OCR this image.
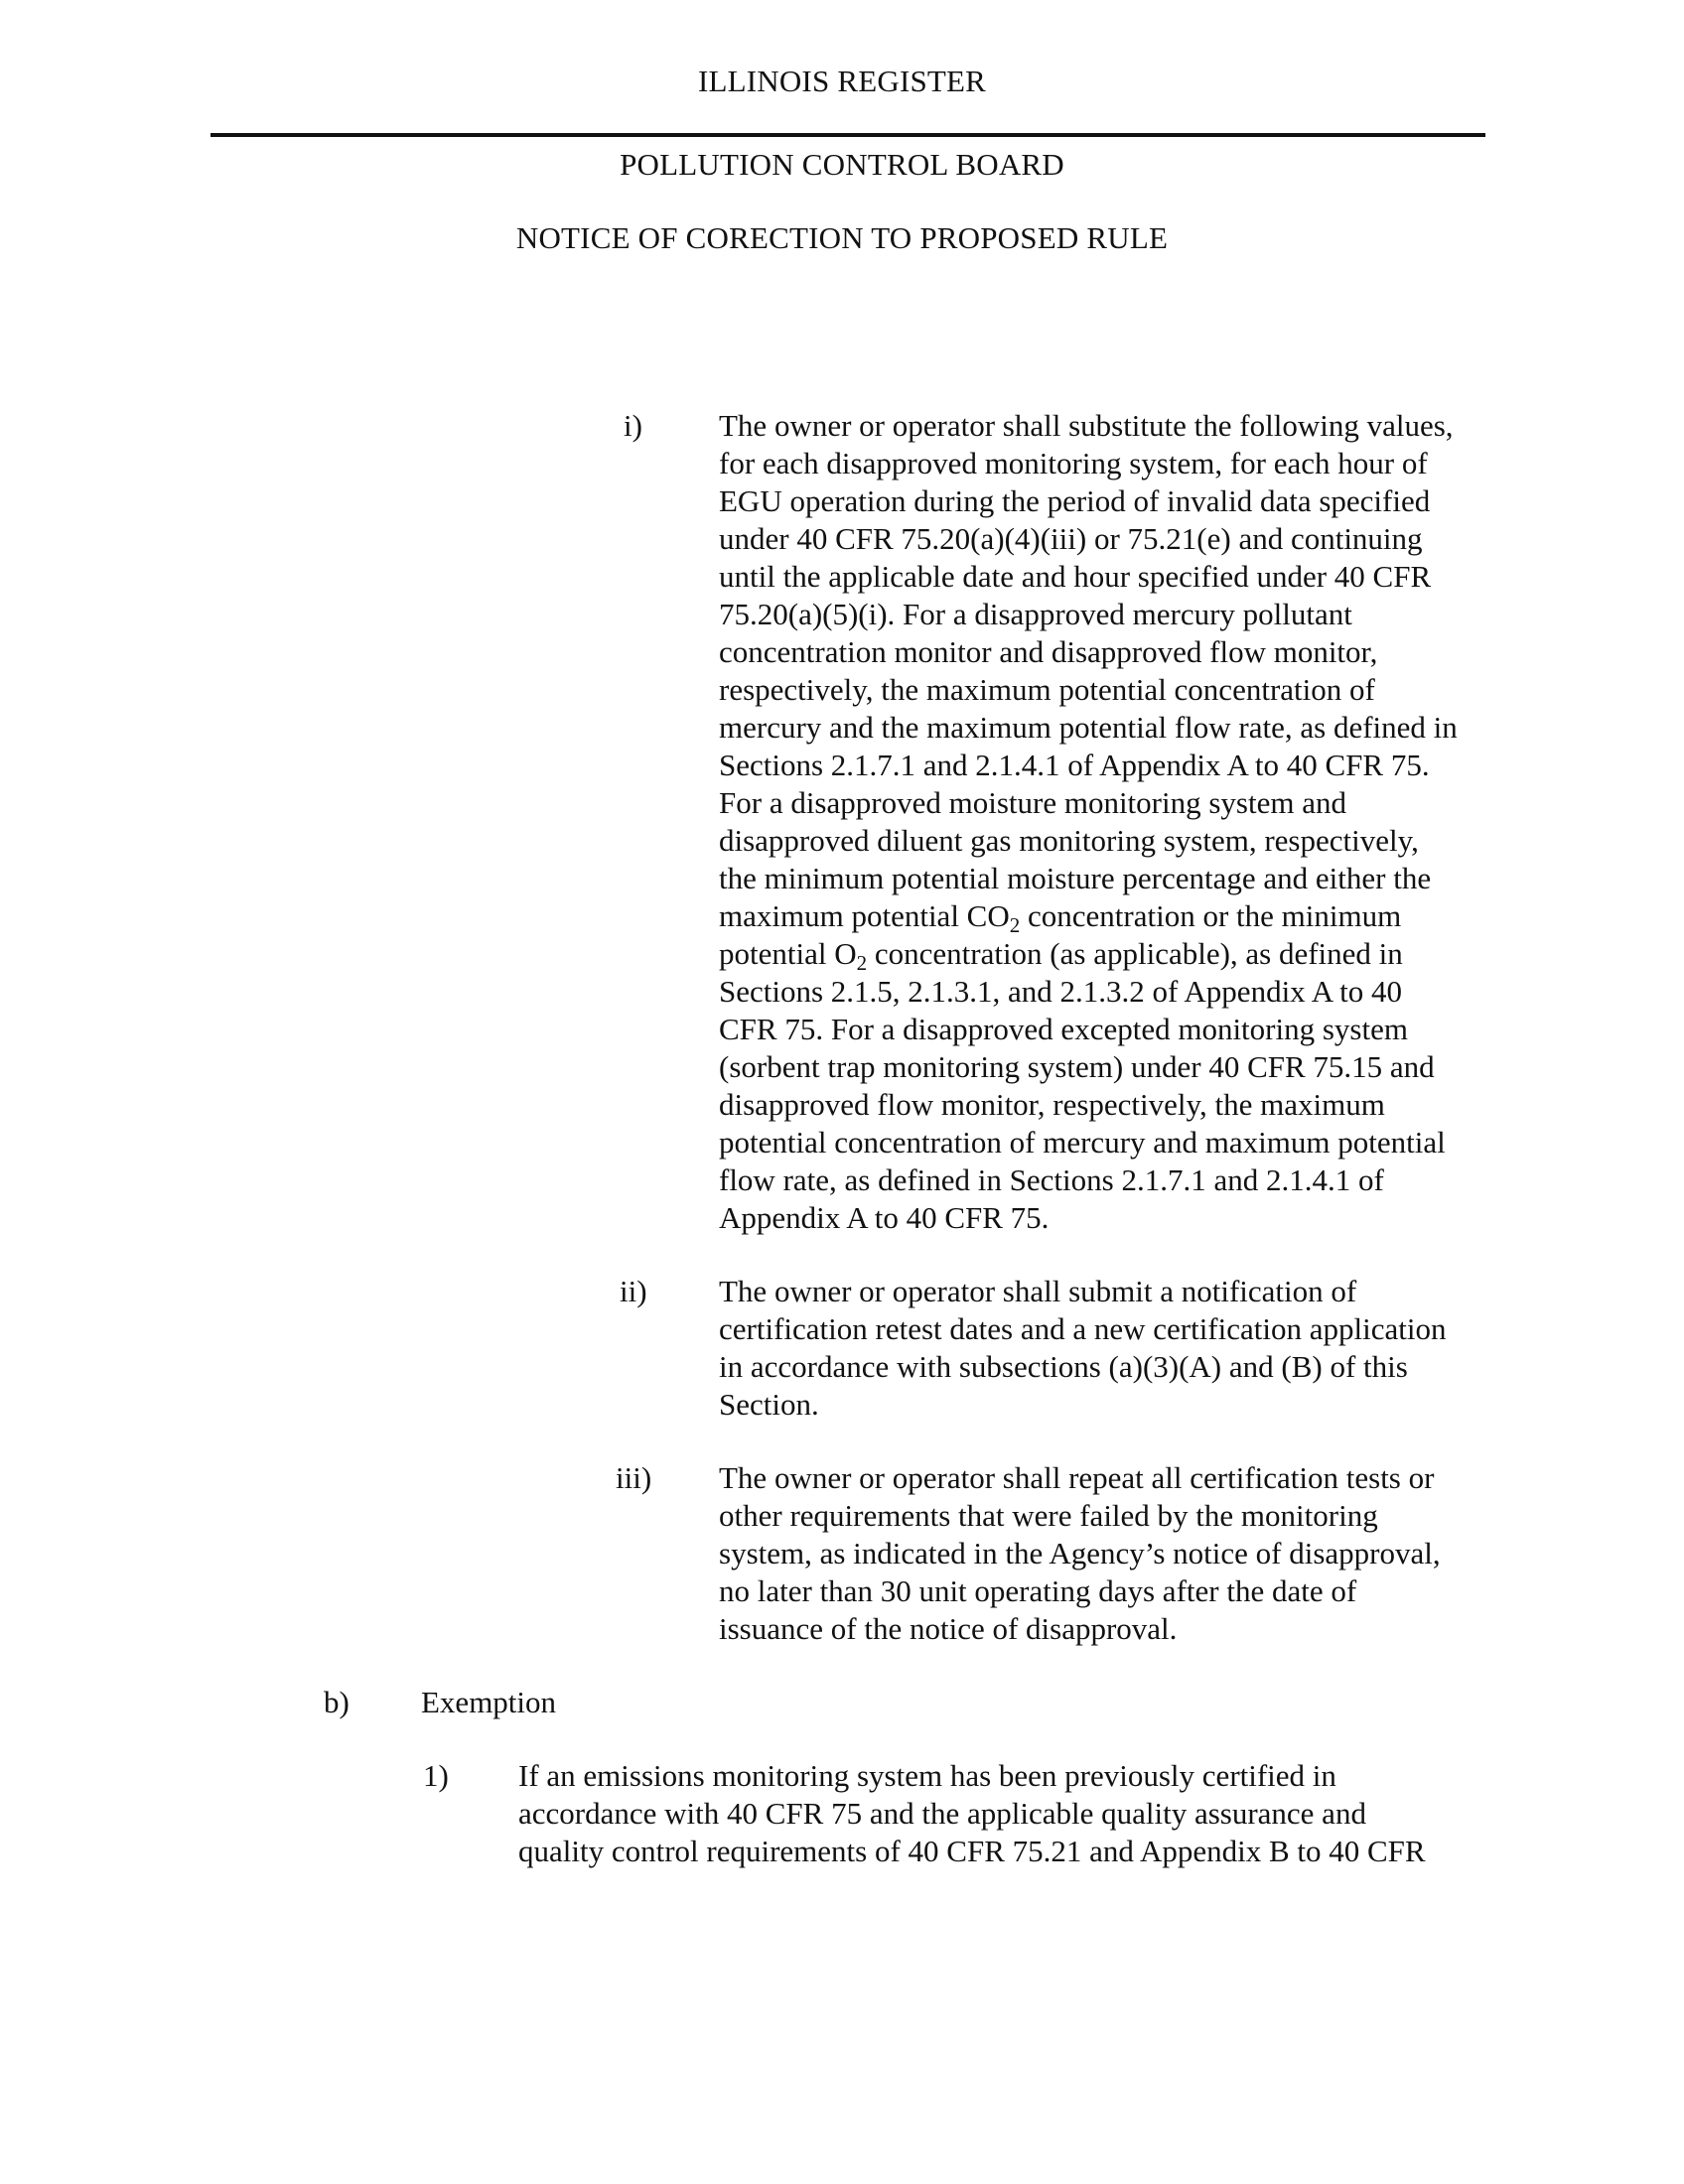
ILLINOIS REGISTER
POLLUTION CONTROL BOARD
NOTICE OF CORECTION TO PROPOSED RULE
i) The owner or operator shall substitute the following values,
for each disapproved monitoring system, for each hour of
EGU operation during the period of invalid data specified
under 40 CFR 75.20(a)(4)(iii) or 75.21(e) and continuing
until the applicable date and hour specified under 40 CFR
75.20(a)(5)(i). For a disapproved mercury pollutant
concentration monitor and disapproved flow monitor,
respectively, the maximum potential concentration of
mercury and the maximum potential flow rate, as defined in
Sections 2.1.7.1 and 2.1.4.1 of Appendix A to 40 CFR 75.
For a disapproved moisture monitoring system and
disapproved diluent gas monitoring system, respectively,
the minimum potential moisture percentage and either the
maximum potential $CO_2$ concentration or the minimum
potential $O_2$ concentration (as applicable), as defined in
Sections 2.1.5, 2.1.3.1, and 2.1.3.2 of Appendix A to 40
CFR 75. For a disapproved excepted monitoring system
(sorbent trap monitoring system) under 40 CFR 75.15 and
disapproved flow monitor, respectively, the maximum
potential concentration of mercury and maximum potential
flow rate, as defined in Sections 2.1.7.1 and 2.1.4.1 of
Appendix A to 40 CFR 75.
ii) The owner or operator shall submit a notification of
certification retest dates and a new certification application
in accordance with subsections (a)(3)(A) and (B) of this
Section.
iii) The owner or operator shall repeat all certification tests or
other requirements that were failed by the monitoring
system, as indicated in the Agency’s notice of disapproval,
no later than 30 unit operating days after the date of
issuance of the notice of disapproval.
b) Exemption
1) If an emissions monitoring system has been previously certified in
accordance with 40 CFR 75 and the applicable quality assurance and
quality control requirements of 40 CFR 75.21 and Appendix B to 40 CFR
